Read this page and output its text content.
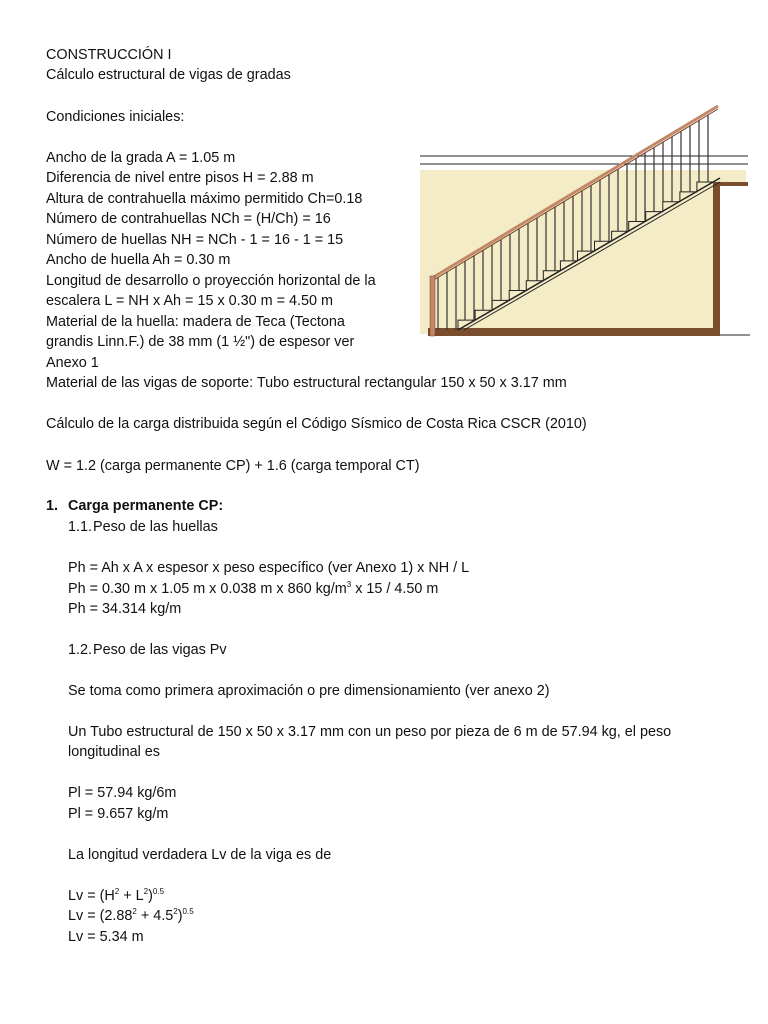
CONSTRUCCIÓN I
Cálculo estructural de vigas de gradas
Condiciones iniciales:
Ancho de la grada A = 1.05 m
Diferencia de nivel entre pisos H = 2.88 m
Altura de contrahuella máximo permitido Ch=0.18
Número de contrahuellas NCh = (H/Ch) = 16
Número de huellas NH = NCh - 1 = 16 - 1 = 15
Ancho de huella Ah = 0.30 m
Longitud de desarrollo o proyección horizontal de la
escalera L = NH x Ah = 15 x 0.30 m = 4.50 m
Material de la huella: madera de Teca (Tectona
grandis Linn.F.) de 38 mm (1 ½") de espesor ver
Anexo 1
Material de las vigas de soporte: Tubo estructural rectangular 150 x 50 x 3.17 mm
Cálculo de la carga distribuida según el Código Sísmico de Costa Rica CSCR (2010)
W = 1.2 (carga permanente CP) + 1.6 (carga temporal CT)
1. Carga permanente CP:
1.1. Peso de las huellas
Ph = Ah x A x espesor x peso específico (ver Anexo 1) x NH / L
Ph = 0.30 m x 1.05 m x 0.038 m x 860 $kg/m^3$ x 15 / 4.50 m
Ph = 34.314 kg/m
1.2. Peso de las vigas Pv
Se toma como primera aproximación o pre dimensionamiento (ver anexo 2)
Un Tubo estructural de 150 x 50 x 3.17 mm con un peso por pieza de 6 m de 57.94 kg, el peso
longitudinal es
Pl = 57.94 kg/6m
Pl = 9.657 kg/m
La longitud verdadera Lv de la viga es de
$Lv = (H^2 + L^2)^{0.5}$
$Lv = (2.88^2 + 4.5^2)^{0.5}$
Lv = 5.34 m
